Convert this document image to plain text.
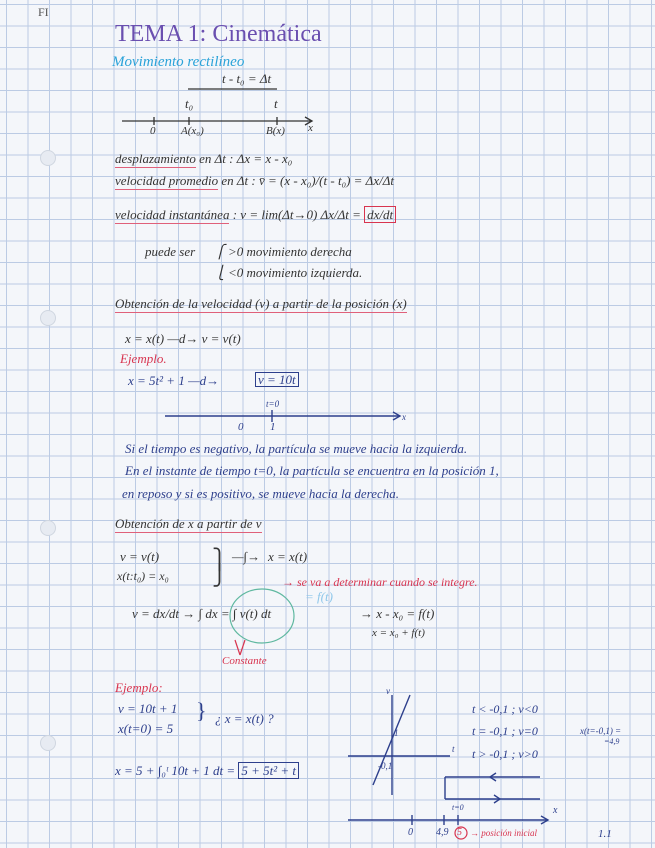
FI
TEMA 1: Cinemática
Movimiento rectilíneo
t - t₀ = Δt
t₀	t
0 A(x₀)	B(x) x
desplazamiento en Δt : Δx = x - x₀
velocidad promedio en Δt : v̄ = (x - x₀)/(t - t₀) = Δx/Δt
velocidad instantánea : v = lim(Δt→0) Δx/Δt = dx/dt
puede ser ⎧ >0 movimiento derecha
⎩ <0 movimiento izquierda.
Obtención de la velocidad (v) a partir de la posición (x)
x = x(t) —d→ v = v(t)
Ejemplo.
x = 5t² + 1 —d→	v = 10t
t=0
0 1
x
Si el tiempo es negativo, la partícula se mueve hacia la izquierda.
En el instante de tiempo t=0, la partícula se encuentra en la posición 1,
en reposo y si es positivo, se mueve hacia la derecha.
Obtención de x a partir de v
v = v(t)
x(t:t₀) = x₀
⎫
⎭
—∫→ x = x(t)
→ se va a determinar cuando se integre.
v = dx/dt → ∫ dx = ∫ v(t) dt
= f(t)
→ x - x₀ = f(t)
x = x₀ + f(t)
Constante
Ejemplo:
v = 10t + 1
x(t=0) = 5
} ¿ x = x(t) ?
x = 5 + ∫₀ᵗ 10t + 1 dt = 5 + 5t² + t
v
1
t
-0,1
t < -0,1 ; v<0
t = -0,1 ; v=0
t > -0,1 ; v>0
x(t=-0,1) =
=4,9
t=0
0 4,9 5 → posición inicial
x
1.1
